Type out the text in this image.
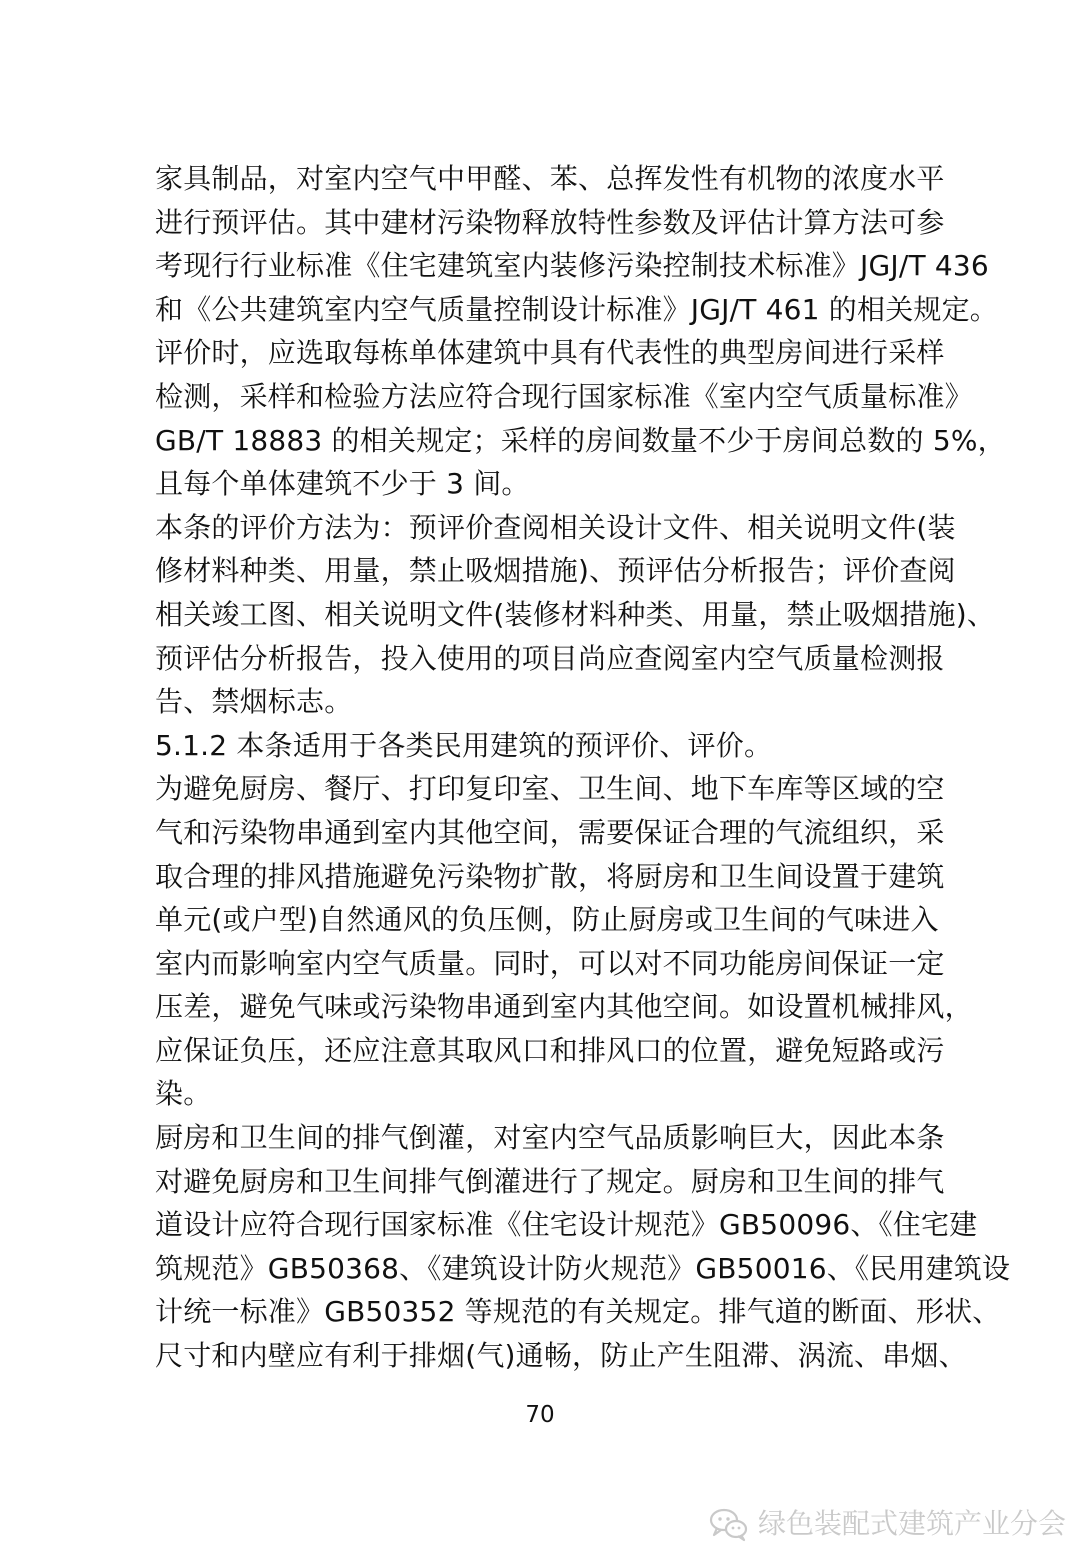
家具制品，对室内空气中甲醛、苯、总挥发性有机物的浓度水平
进行预评估。其中建材污染物释放特性参数及评估计算方法可参
考现行行业标准《住宅建筑室内装修污染控制技术标准》JGJ/T 436
和《公共建筑室内空气质量控制设计标准》JGJ/T 461 的相关规定。
评价时，应选取每栋单体建筑中具有代表性的典型房间进行采样
检测，采样和检验方法应符合现行国家标准《室内空气质量标准》
GB/T 18883 的相关规定；采样的房间数量不少于房间总数的 5%，
且每个单体建筑不少于 3 间。
本条的评价方法为：预评价查阅相关设计文件、相关说明文件(装
修材料种类、用量，禁止吸烟措施)、预评估分析报告；评价查阅
相关竣工图、相关说明文件(装修材料种类、用量，禁止吸烟措施)、
预评估分析报告，投入使用的项目尚应查阅室内空气质量检测报
告、禁烟标志。
5.1.2 本条适用于各类民用建筑的预评价、评价。
为避免厨房、餐厅、打印复印室、卫生间、地下车库等区域的空
气和污染物串通到室内其他空间，需要保证合理的气流组织，采
取合理的排风措施避免污染物扩散，将厨房和卫生间设置于建筑
单元(或户型)自然通风的负压侧，防止厨房或卫生间的气味进入
室内而影响室内空气质量。同时，可以对不同功能房间保证一定
压差，避免气味或污染物串通到室内其他空间。如设置机械排风，
应保证负压，还应注意其取风口和排风口的位置，避免短路或污
染。
厨房和卫生间的排气倒灌，对室内空气品质影响巨大，因此本条
对避免厨房和卫生间排气倒灌进行了规定。厨房和卫生间的排气
道设计应符合现行国家标准《住宅设计规范》GB50096、《住宅建
筑规范》GB50368、《建筑设计防火规范》GB50016、《民用建筑设
计统一标准》GB50352 等规范的有关规定。排气道的断面、形状、
尺寸和内壁应有利于排烟(气)通畅，防止产生阻滞、涡流、串烟、
70
绿色装配式建筑产业分会
